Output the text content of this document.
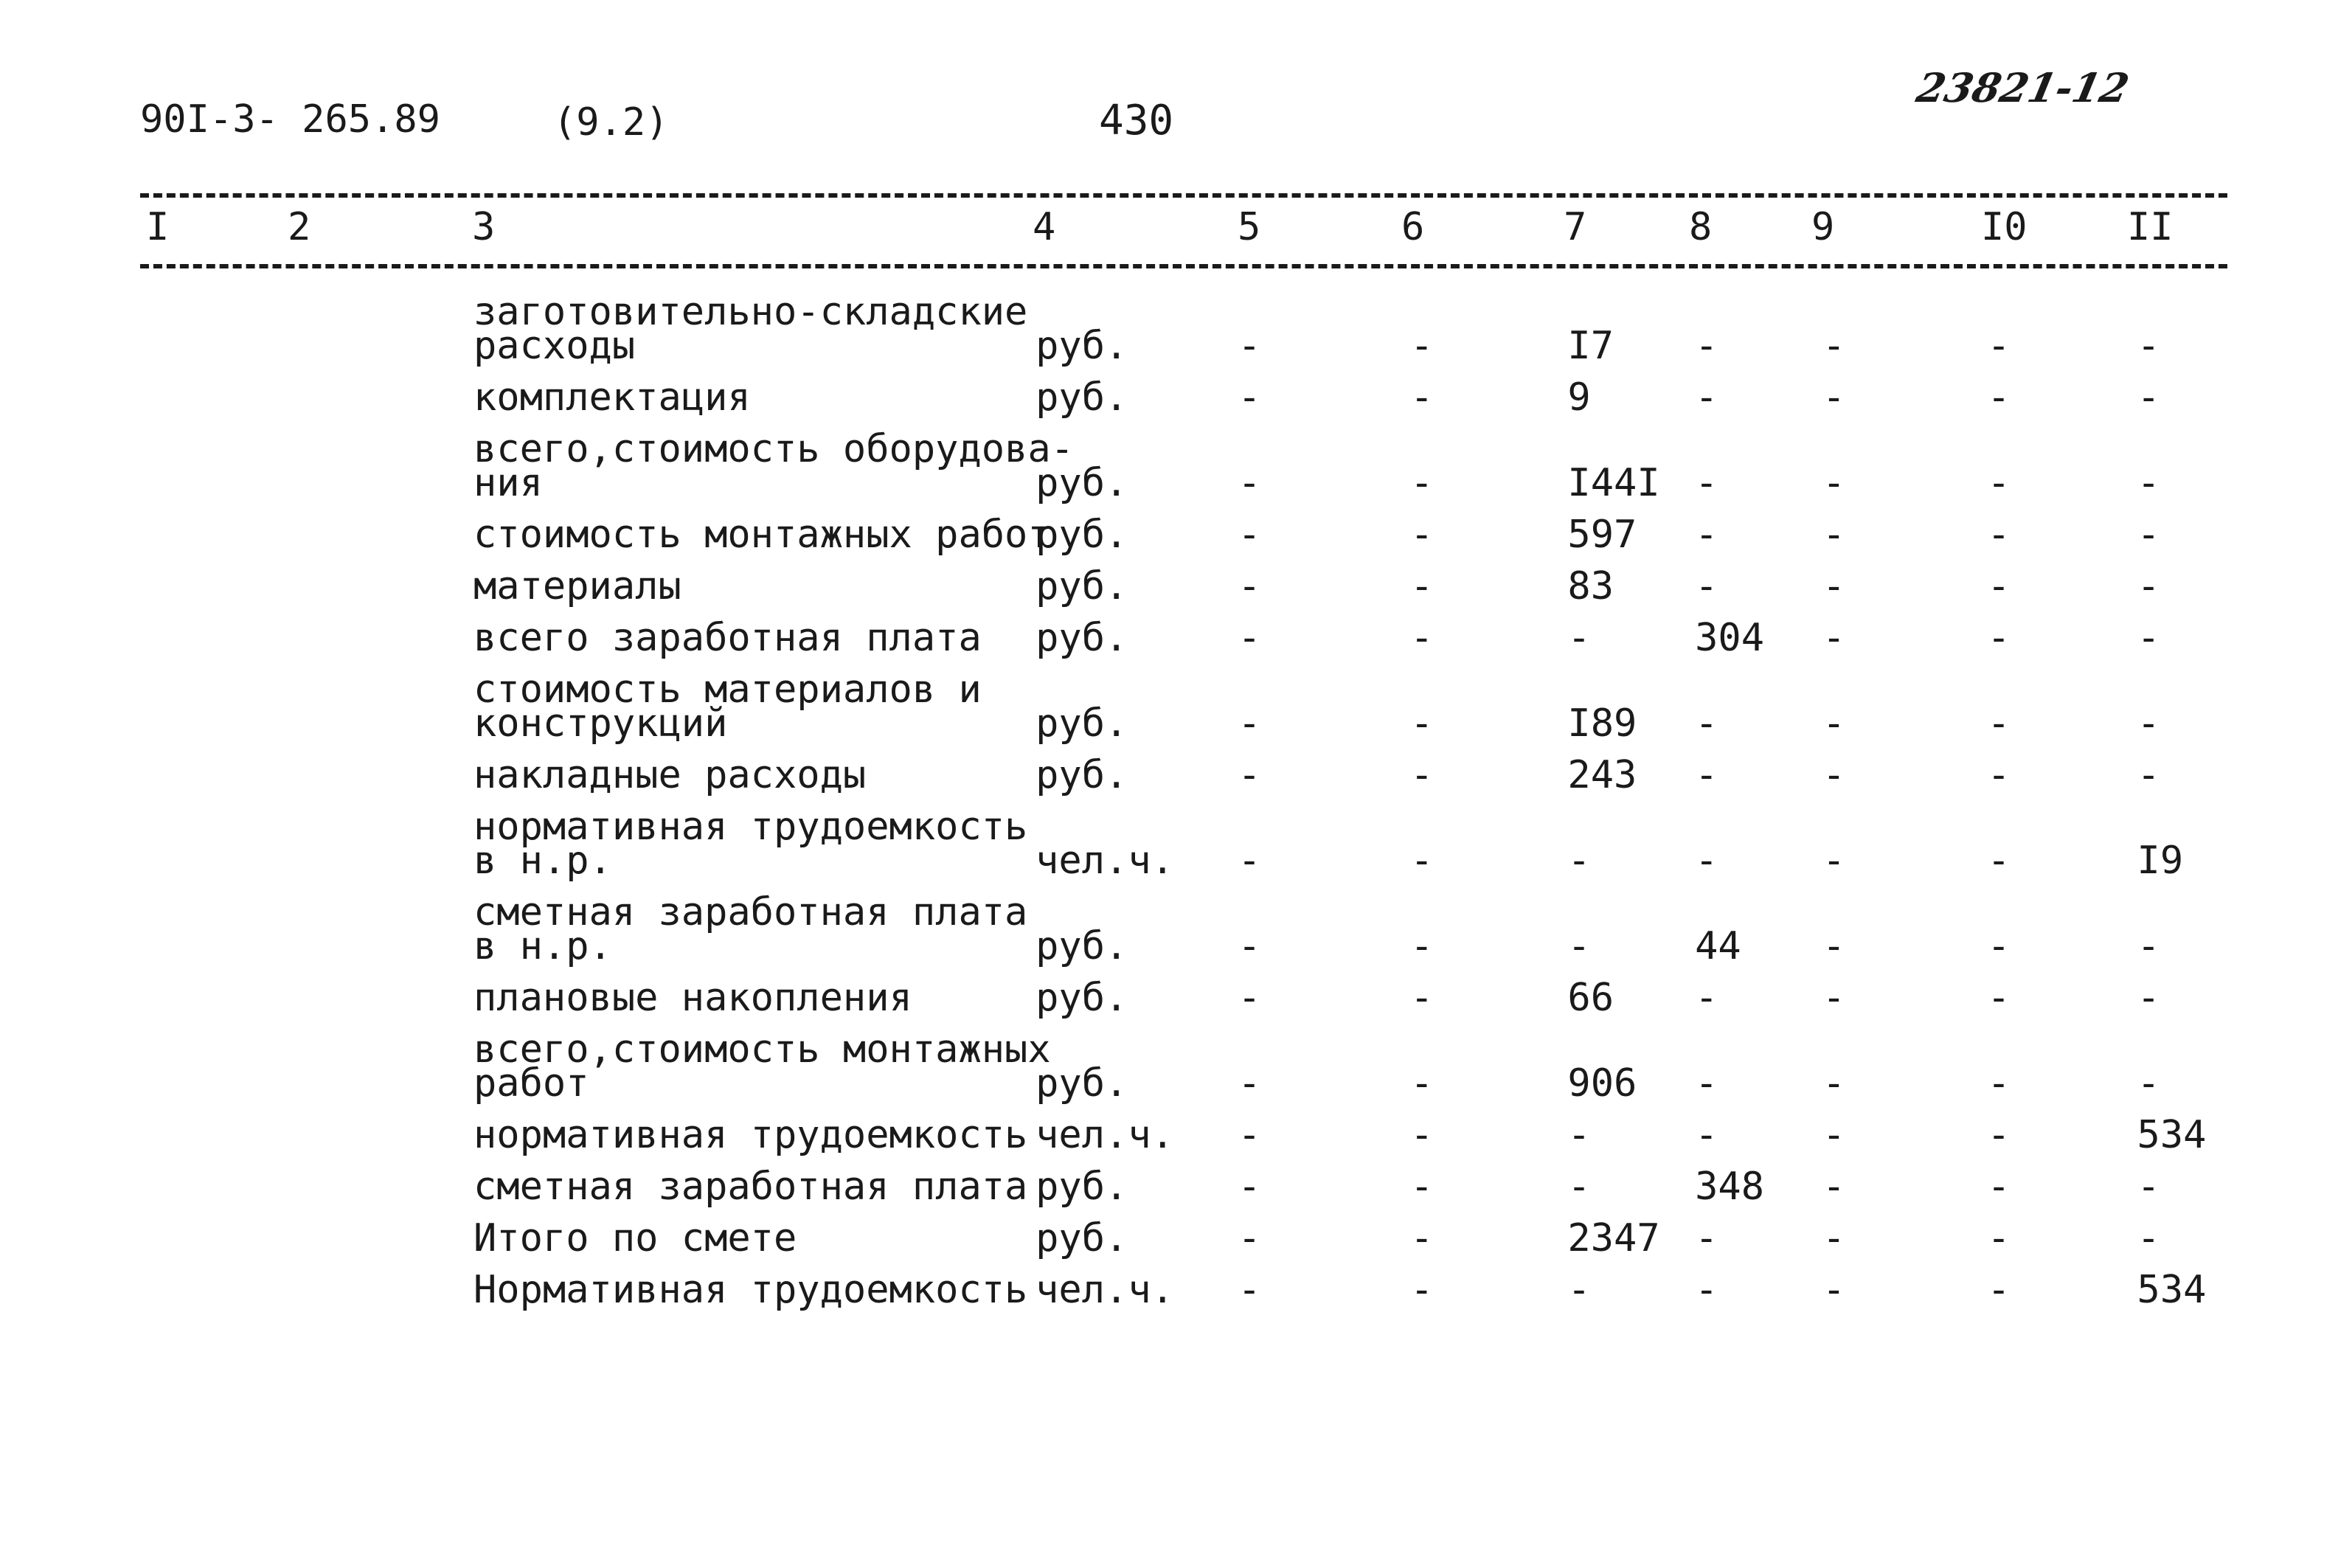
90I-3- 265.89	(9.2)	430
23821-12
I	2	3	4	5	6	7	8	9	I0	II
заготовительно-складские
расходы	руб.	-	-	I7	-	-	-	-
комплектация	руб.	-	-	9	-	-	-	-
всего,стоимость оборудова-
ния	руб.	-	-	I44I	-	-	-	-
стоимость монтажных работ	руб.	-	-	597	-	-	-	-
материалы	руб.	-	-	83	-	-	-	-
всего заработная плата	руб.	-	-	-	304	-	-	-
стоимость материалов и
конструкций	руб.	-	-	I89	-	-	-	-
накладные расходы	руб.	-	-	243	-	-	-	-
нормативная трудоемкость
в н.р.	чел.ч.	-	-	-	-	-	-	I9
сметная заработная плата
в н.р.	руб.	-	-	-	44	-	-	-
плановые накопления	руб.	-	-	66	-	-	-	-
всего,стоимость монтажных
работ	руб.	-	-	906	-	-	-	-
нормативная трудоемкость	чел.ч.	-	-	-	-	-	-	534
сметная заработная плата	руб.	-	-	-	348	-	-	-
Итого по смете	руб.	-	-	2347	-	-	-	-
Нормативная трудоемкость	чел.ч.	-	-	-	-	-	-	534
